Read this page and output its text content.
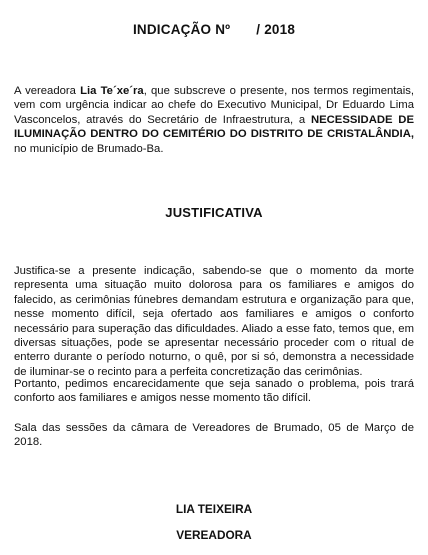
INDICAÇÃO Nº / 2018

A vereadora Lia Te´xe´ra, que subscreve o presente, nos termos regimentais, vem com urgência indicar ao chefe do Executivo Municipal, Dr Eduardo Lima Vasconcelos, através do Secretário de Infraestrutura, a NECESSIDADE DE ILUMINAÇÃO DENTRO DO CEMITÉRIO DO DISTRITO DE CRISTALÂNDIA, no município de Brumado-Ba.

JUSTIFICATIVA

Justifica-se a presente indicação, sabendo-se que o momento da morte representa uma situação muito dolorosa para os familiares e amigos do falecido, as cerimônias fúnebres demandam estrutura e organização para que, nesse momento difícil, seja ofertado aos familiares e amigos o conforto necessário para superação das dificuldades. Aliado a esse fato, temos que, em diversas situações, pode se apresentar necessário proceder com o ritual de enterro durante o período noturno, o quê, por si só, demonstra a necessidade de iluminar-se o recinto para a perfeita concretização das cerimônias.

Portanto, pedimos encarecidamente que seja sanado o problema, pois trará conforto aos familiares e amigos nesse momento tão difícil.

Sala das sessões da câmara de Vereadores de Brumado, 05 de Março de 2018.

LIA TEIXEIRA
VEREADORA
